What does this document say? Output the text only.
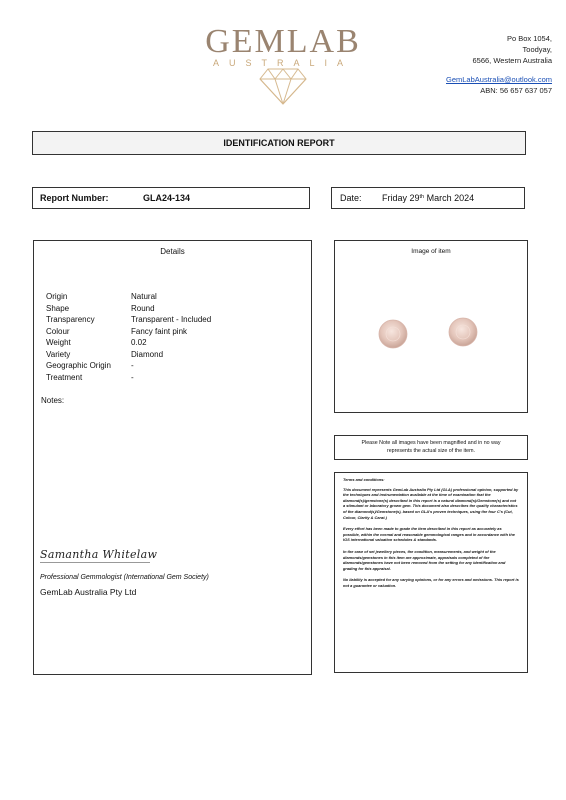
GEMLAB
AUSTRALIA
Po Box 1054,
Toodyay,
6566, Western Australia
GemLabAustralia@outlook.com
ABN: 56 657 637 057
IDENTIFICATION REPORT
Report Number:	GLA24-134	Date: Friday 29th March 2024
Details
Origin	Natural
Shape	Round
Transparency	Transparent - Included
Colour	Fancy faint pink
Weight	0.02
Variety	Diamond
Geographic Origin	-
Treatment	-
Notes:
Image of item
Please Note all images have been magnified and in no way
represents the actual size of the item.

Terms and conditions:

This document represents GemLab Australia Pty Ltd (GLA) professional opinion, supported by the techniques and instrumentation available at the time of examination that the diamond(s)/gemstone(s) described in this report is a natural diamond(s)/Gemstone(s) and not a stimulant or laboratory grown gem. This document also describes the quality characteristics of the diamond(s)/Gemstone(s), based on GLA's proven techniques, using the four C's (Cut, Colour, Clarity & Carat.)

Every effort has been made to grade the item described in this report as accurately as possible, within the normal and reasonable gemmological ranges and in accordance with the IGS international valuation schedules & standards.

In the case of set jewellery pieces, the condition, measurements, and weight of the diamonds/gemstones in this item are approximate, appraisals completed of the diamonds/gemstones have not been removed from the setting for any identification and grading for this appraisal.

No liability is accepted for any varying opinions, or for any errors and omissions. This report is not a guarantee or valuation.

Samantha Whitelaw
Professional Gemmologist (International Gem Society)
GemLab Australia Pty Ltd
